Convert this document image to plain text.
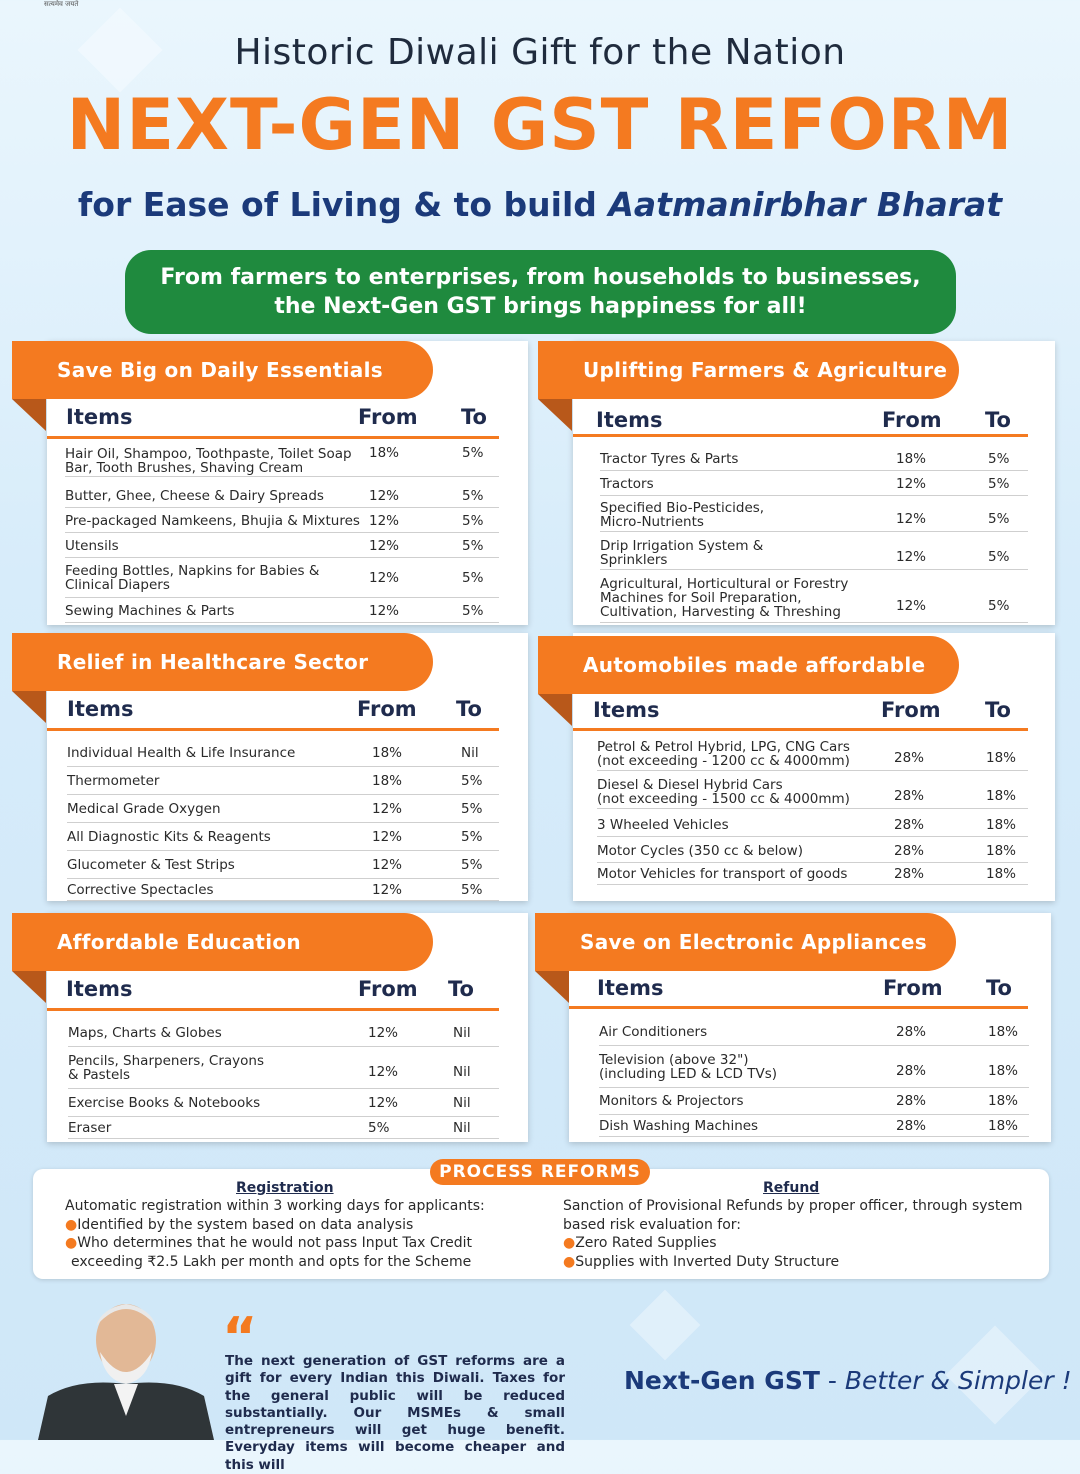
सत्यमेव जयते
Historic Diwali Gift for the Nation
NEXT-GEN GST REFORM
for Ease of Living & to build Aatmanirbhar Bharat
From farmers to enterprises, from households to businesses,
the Next-Gen GST brings happiness for all!
Save Big on Daily Essentials
Items	From To
Hair Oil, Shampoo, Toothpaste, Toilet Soap
Bar, Tooth Brushes, Shaving Cream
18%	5%
Butter, Ghee, Cheese & Dairy Spreads	12%	5%
Pre-packaged Namkeens, Bhujia & Mixtures 12%	5%
Utensils	12%	5%
Feeding Bottles, Napkins for Babies &
Clinical Diapers	12%	5%
Sewing Machines & Parts	12%	5%
Uplifting Farmers & Agriculture
Items	From To
Tractor Tyres & Parts	18%	5%
Tractors	12%	5%
Specified Bio-Pesticides,
Micro-Nutrients	12%	5%
Drip Irrigation System &
Sprinklers	12%	5%
Agricultural, Horticultural or Forestry
Machines for Soil Preparation,
Cultivation, Harvesting & Threshing	12%	5%
Relief in Healthcare Sector
Items	From To
Individual Health & Life Insurance	18%	Nil
Thermometer	18%	5%
Medical Grade Oxygen	12%	5%
All Diagnostic Kits & Reagents	12%	5%
Glucometer & Test Strips	12%	5%
Corrective Spectacles	12%	5%
Automobiles made affordable
Items	From To
Petrol & Petrol Hybrid, LPG, CNG Cars
(not exceeding - 1200 cc & 4000mm)	28%	18%
Diesel & Diesel Hybrid Cars
(not exceeding - 1500 cc & 4000mm)	28%	18%
3 Wheeled Vehicles	28%	18%
Motor Cycles (350 cc & below)	28%	18%
Motor Vehicles for transport of goods	28%	18%
Affordable Education
Items	From To
Maps, Charts & Globes	12%	Nil
Pencils, Sharpeners, Crayons
& Pastels	12%	Nil
Exercise Books & Notebooks	12%	Nil
Eraser	5%	Nil
Save on Electronic Appliances
Items	From To
Air Conditioners	28%	18%
Television (above 32")
(including LED & LCD TVs)	28%	18%
Monitors & Projectors	28%	18%
Dish Washing Machines	28%	18%
PROCESS REFORMS
Registration
Automatic registration within 3 working days for applicants:
●Identified by the system based on data analysis
●Who determines that he would not pass Input Tax Credit
exceeding ₹2.5 Lakh per month and opts for the Scheme
Refund
Sanction of Provisional Refunds by proper officer, through system
based risk evaluation for:
●Zero Rated Supplies
●Supplies with Inverted Duty Structure
“
The next generation of GST reforms are a gift for every Indian this Diwali. Taxes for the general public will be reduced substantially. Our MSMEs & small entrepreneurs will get huge benefit. Everyday items will become cheaper and this will
Next-Gen GST - Better & Simpler !
